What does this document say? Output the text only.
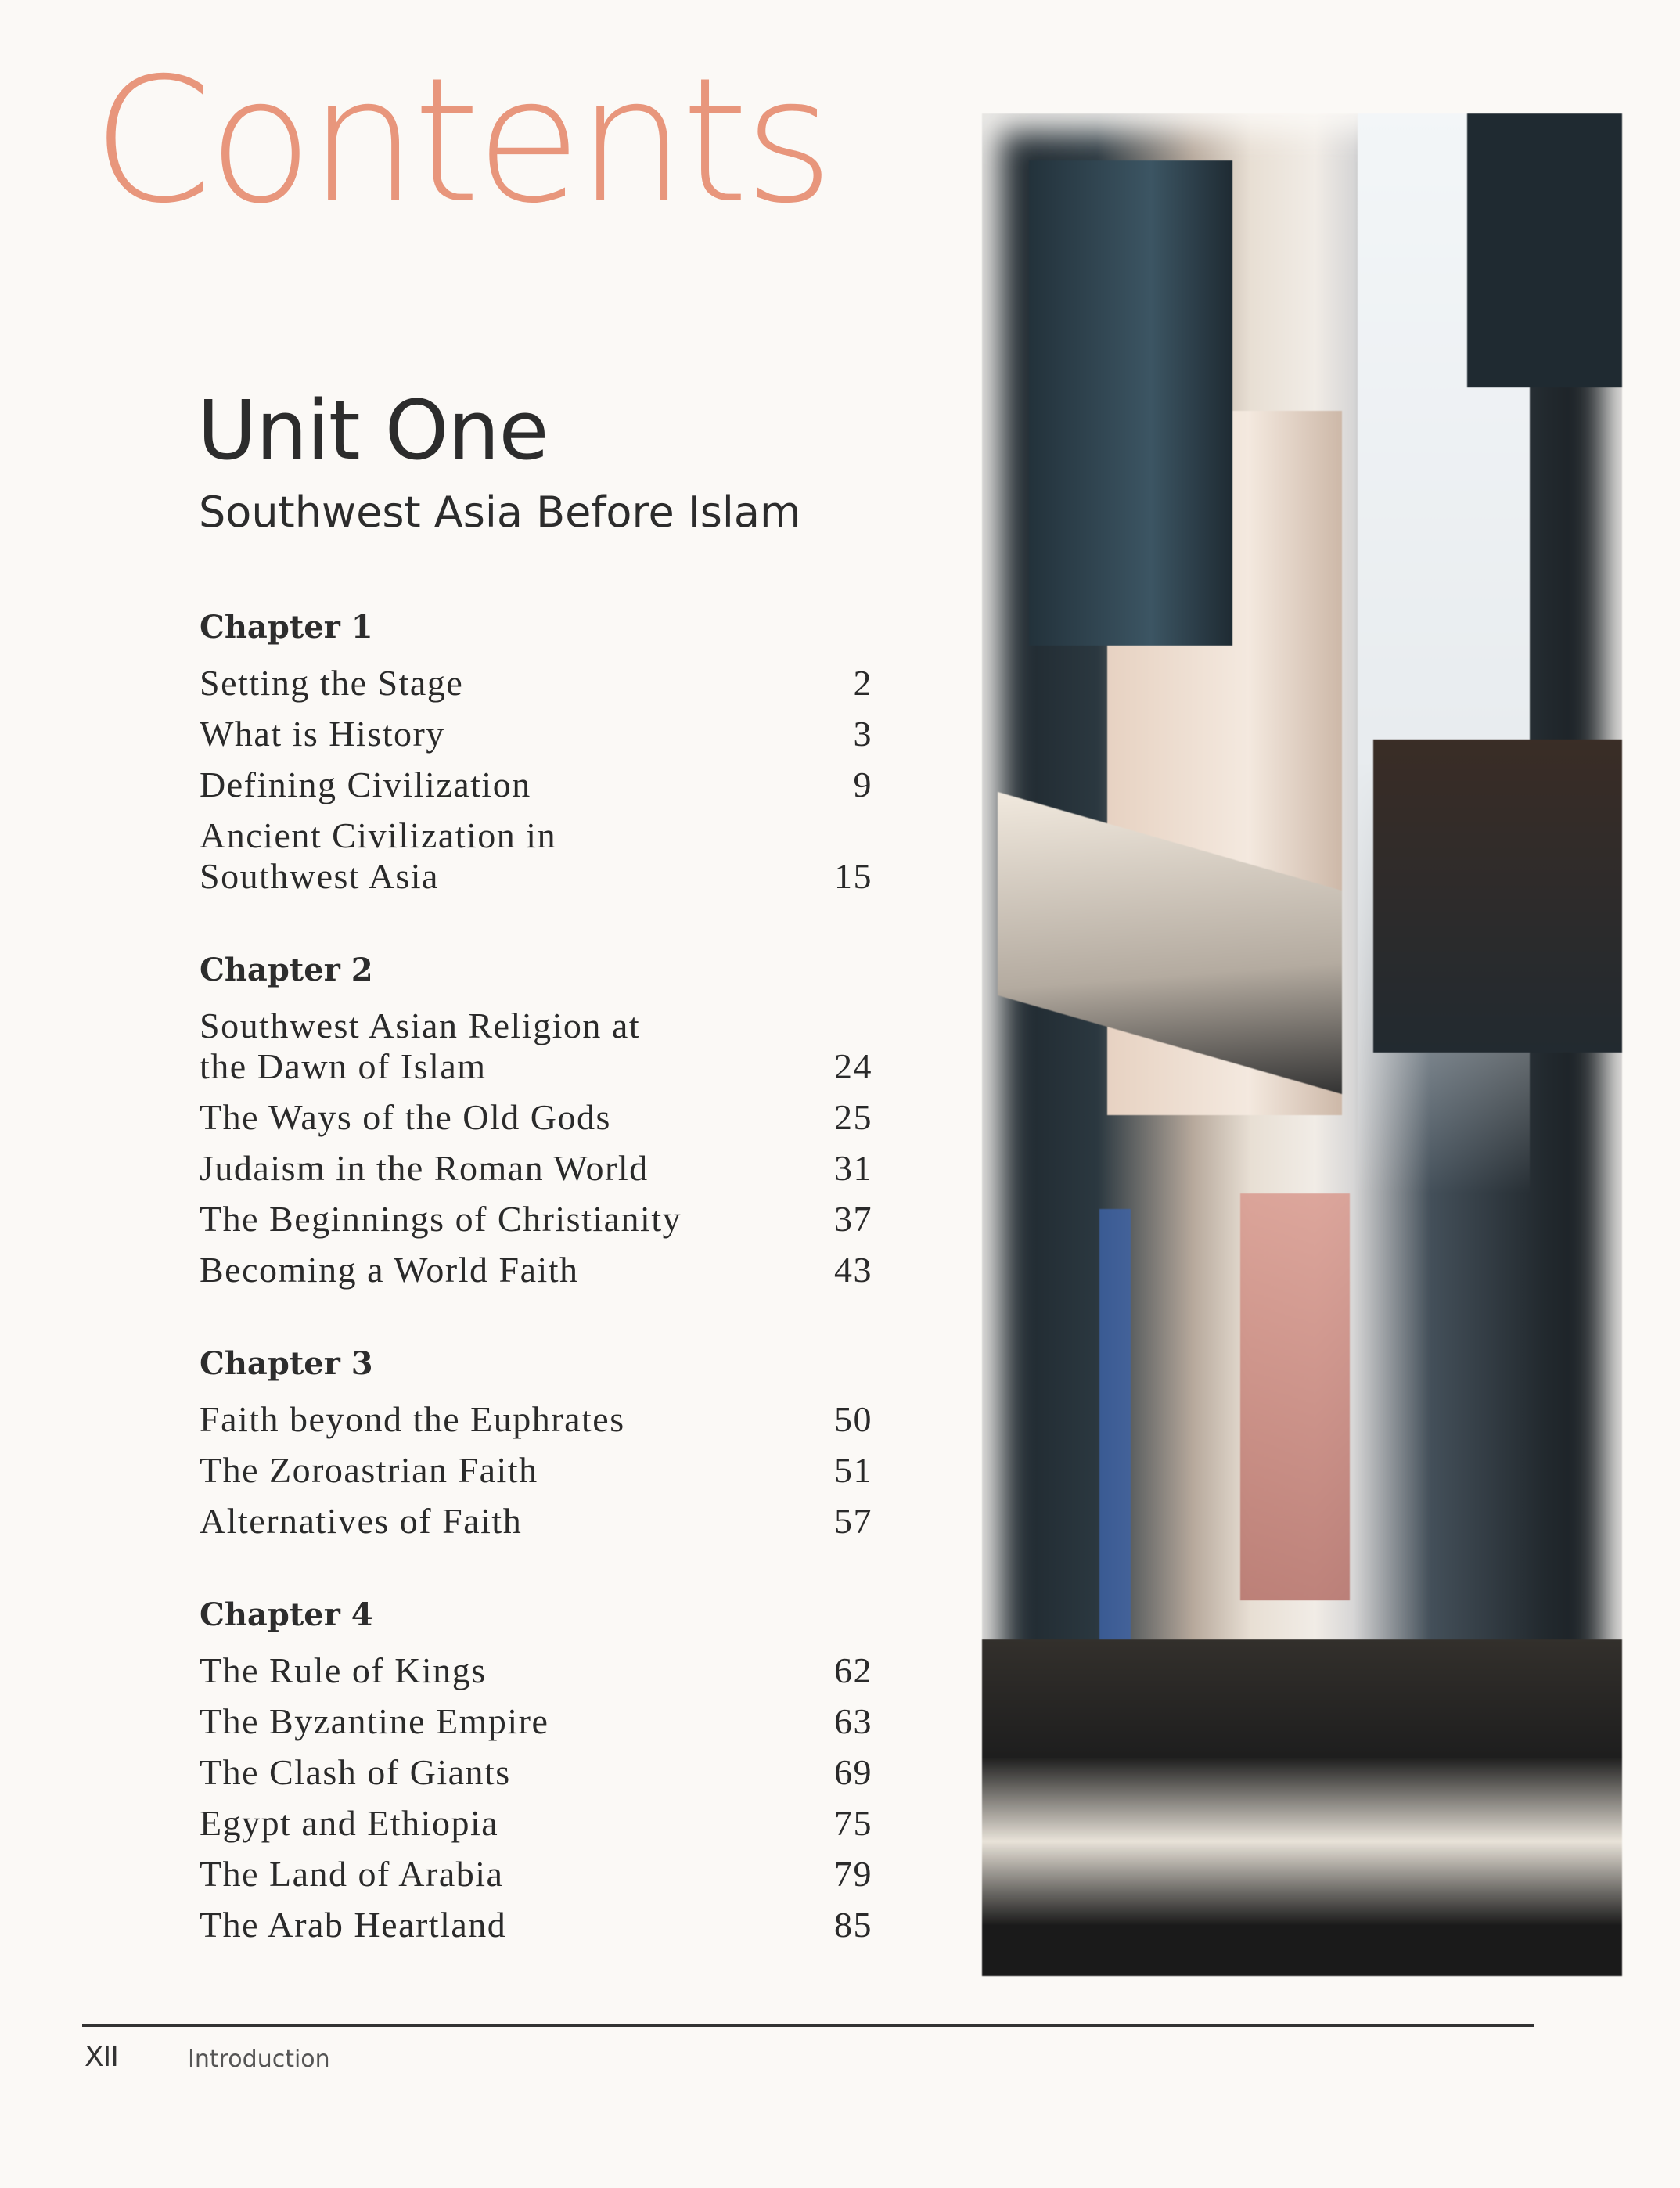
Contents
Unit One
Southwest Asia Before Islam
Chapter 1
Setting the Stage	2
What is History	3
Defining Civilization	9
Ancient Civilization in
Southwest Asia	15
Chapter 2
Southwest Asian Religion at
the Dawn of Islam	24
The Ways of the Old Gods	25
Judaism in the Roman World	31
The Beginnings of Christianity	37
Becoming a World Faith	43
Chapter 3
Faith beyond the Euphrates	50
The Zoroastrian Faith	51
Alternatives of Faith	57
Chapter 4
The Rule of Kings	62
The Byzantine Empire	63
The Clash of Giants	69
Egypt and Ethiopia	75
The Land of Arabia	79
The Arab Heartland	85
XII	Introduction
